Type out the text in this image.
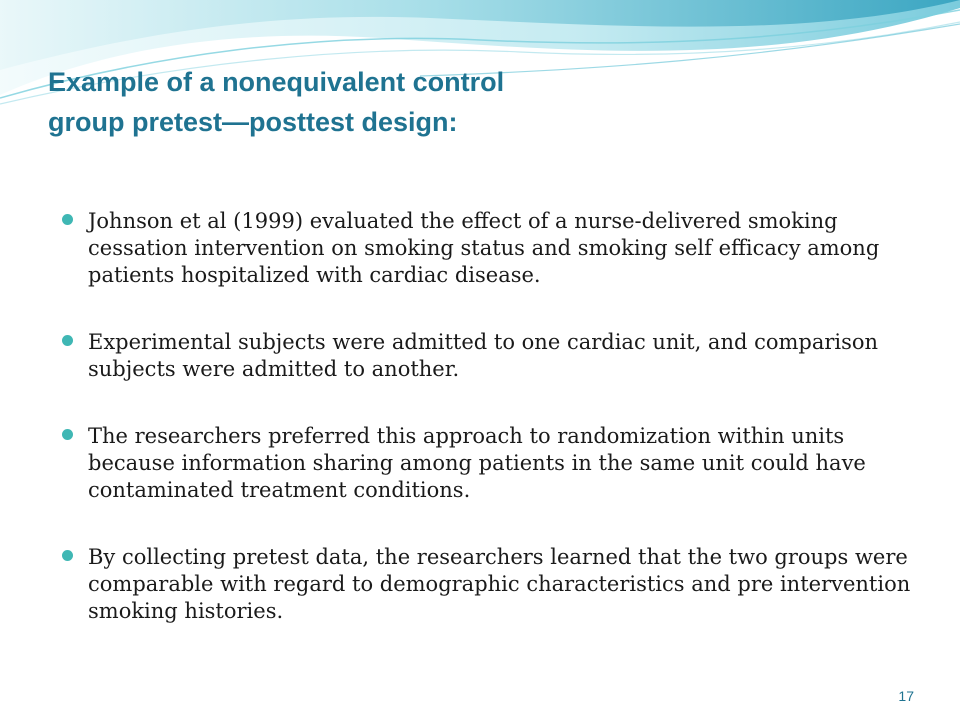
Example of a nonequivalent control
group pretest—posttest design:
Johnson et al (1999) evaluated the effect of a nurse-delivered smoking cessation intervention on smoking status and smoking self efficacy among patients hospitalized with cardiac disease.
Experimental subjects were admitted to one cardiac unit, and comparison subjects were admitted to another.
The researchers preferred this approach to randomization within units because information sharing among patients in the same unit could have contaminated treatment conditions.
By collecting pretest data, the researchers learned that the two groups were comparable with regard to demographic characteristics and pre intervention smoking histories.
17
